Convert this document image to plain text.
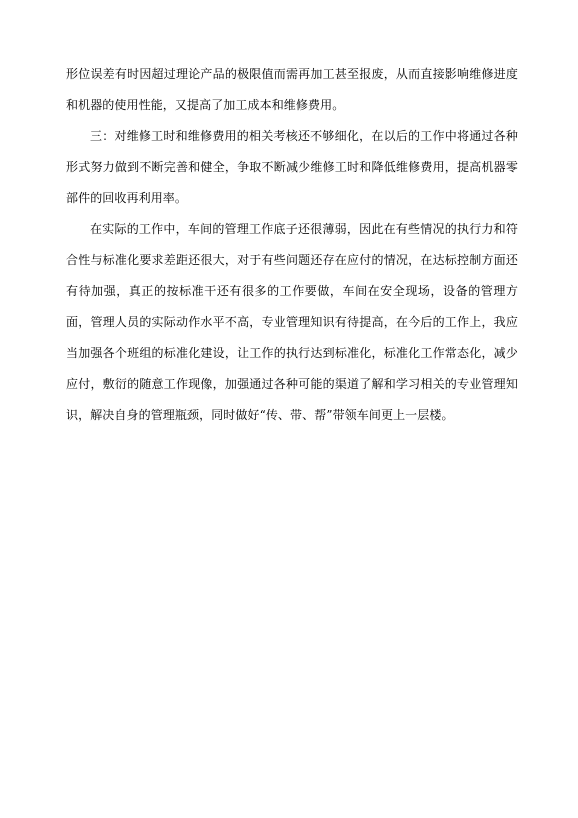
形位误差有时因超过理论产品的极限值而需再加工甚至报废，从而直接影响维修进度和机器的使用性能，又提高了加工成本和维修费用。

三：对维修工时和维修费用的相关考核还不够细化，在以后的工作中将通过各种形式努力做到不断完善和健全，争取不断减少维修工时和降低维修费用，提高机器零部件的回收再利用率。

在实际的工作中，车间的管理工作底子还很薄弱，因此在有些情况的执行力和符合性与标准化要求差距还很大，对于有些问题还存在应付的情况，在达标控制方面还有待加强，真正的按标准干还有很多的工作要做，车间在安全现场，设备的管理方面，管理人员的实际动作水平不高，专业管理知识有待提高，在今后的工作上，我应当加强各个班组的标准化建设，让工作的执行达到标准化，标准化工作常态化，减少应付，敷衍的随意工作现像，加强通过各种可能的渠道了解和学习相关的专业管理知识，解决自身的管理瓶颈，同时做好“传、带、帮”带领车间更上一层楼。
